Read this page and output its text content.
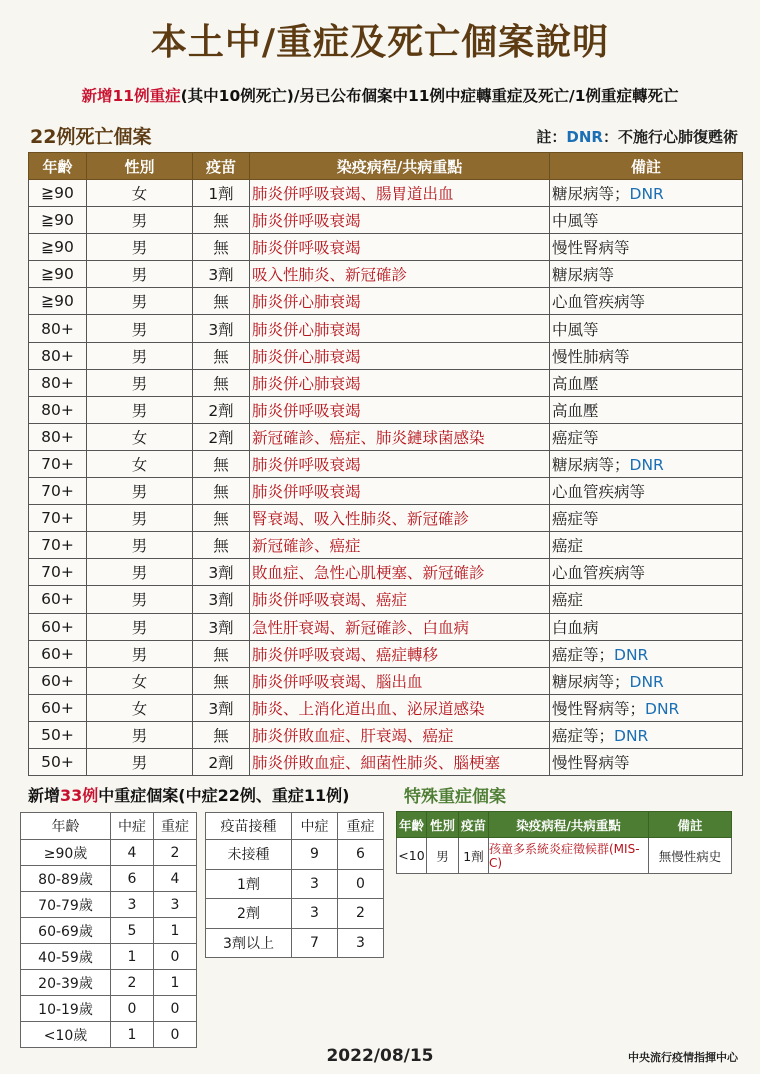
本土中/重症及死亡個案說明
新增11例重症(其中10例死亡)/另已公布個案中11例中症轉重症及死亡/1例重症轉死亡
22例死亡個案	註：DNR：不施行心肺復甦術
年齡	性別	疫苗	染疫病程/共病重點	備註
≧90	女	1劑	肺炎併呼吸衰竭、腸胃道出血	糖尿病等；DNR
≧90	男	無	肺炎併呼吸衰竭	中風等
≧90	男	無	肺炎併呼吸衰竭	慢性腎病等
≧90	男	3劑	吸入性肺炎、新冠確診	糖尿病等
≧90	男	無	肺炎併心肺衰竭	心血管疾病等
80+	男	3劑	肺炎併心肺衰竭	中風等
80+	男	無	肺炎併心肺衰竭	慢性肺病等
80+	男	無	肺炎併心肺衰竭	高血壓
80+	男	2劑	肺炎併呼吸衰竭	高血壓
80+	女	2劑	新冠確診、癌症、肺炎鏈球菌感染	癌症等
70+	女	無	肺炎併呼吸衰竭	糖尿病等；DNR
70+	男	無	肺炎併呼吸衰竭	心血管疾病等
70+	男	無	腎衰竭、吸入性肺炎、新冠確診	癌症等
70+	男	無	新冠確診、癌症	癌症
70+	男	3劑	敗血症、急性心肌梗塞、新冠確診	心血管疾病等
60+	男	3劑	肺炎併呼吸衰竭、癌症	癌症
60+	男	3劑	急性肝衰竭、新冠確診、白血病	白血病
60+	男	無	肺炎併呼吸衰竭、癌症轉移	癌症等；DNR
60+	女	無	肺炎併呼吸衰竭、腦出血	糖尿病等；DNR
60+	女	3劑	肺炎、上消化道出血、泌尿道感染	慢性腎病等；DNR
50+	男	無	肺炎併敗血症、肝衰竭、癌症	癌症等；DNR
50+	男	2劑	肺炎併敗血症、細菌性肺炎、腦梗塞	慢性腎病等
新增33例中重症個案(中症22例、重症11例)	特殊重症個案
年齡	中症	重症
≥90歲	4	2
80-89歲	6	4
70-79歲	3	3
60-69歲	5	1
40-59歲	1	0
20-39歲	2	1
10-19歲	0	0
<10歲	1	0
疫苗接種	中症	重症
未接種	9	6
1劑	3	0
2劑	3	2
3劑以上	7	3
年齡	性別	疫苗	染疫病程/共病重點	備註
<10	男	1劑	孩童多系統炎症徵候群(MIS-C)	無慢性病史
2022/08/15	中央流行疫情指揮中心
